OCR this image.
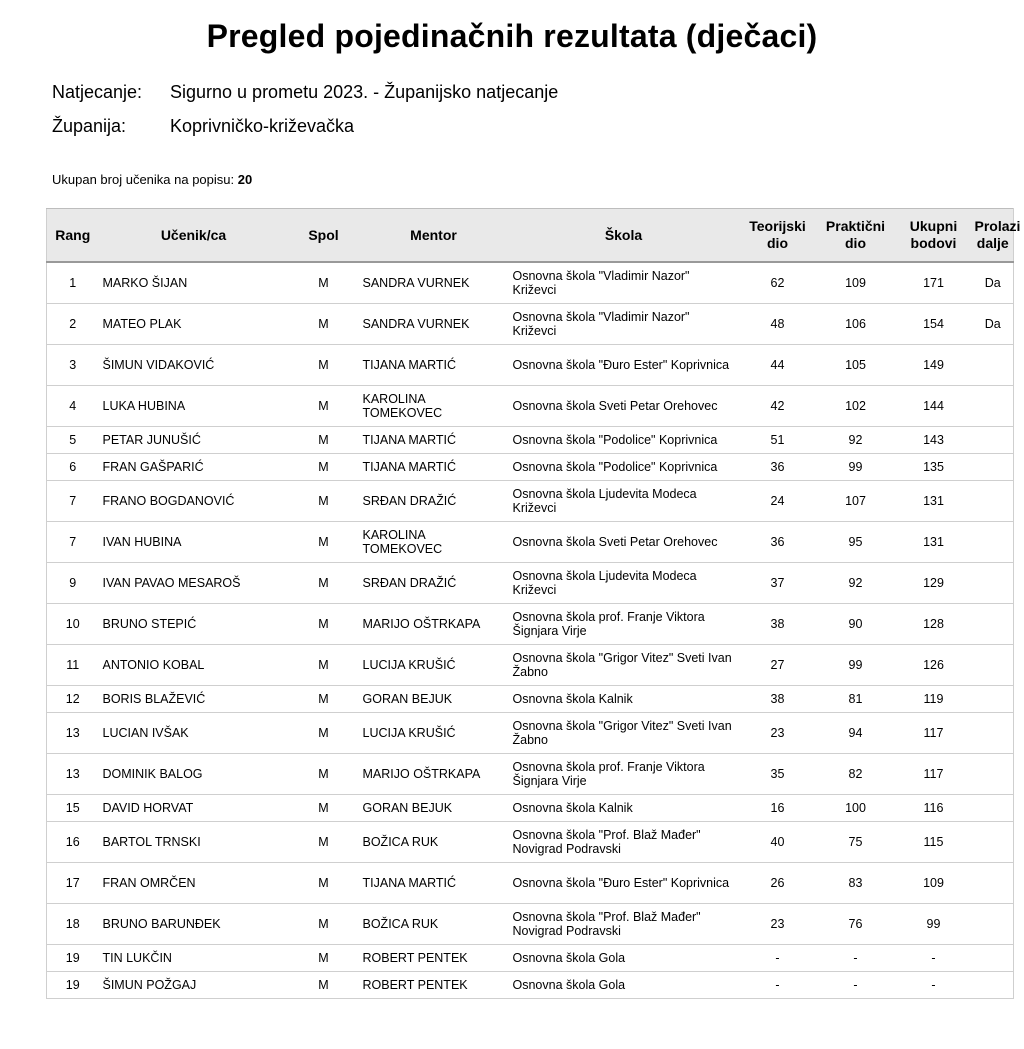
Pregled pojedinačnih rezultata (dječaci)
Natjecanje: Sigurno u prometu 2023. - Županijsko natjecanje
Županija: Koprivničko-križevačka
Ukupan broj učenika na popisu: 20
Rang	Učenik/ca	Spol	Mentor	Škola	Teorijski dio	Praktični dio	Ukupni bodovi	Prolazi dalje
1	MARKO ŠIJAN	M	SANDRA VURNEK	Osnovna škola "Vladimir Nazor" Križevci	62	109	171	Da
2	MATEO PLAK	M	SANDRA VURNEK	Osnovna škola "Vladimir Nazor" Križevci	48	106	154	Da
3	ŠIMUN VIDAKOVIĆ	M	TIJANA MARTIĆ	Osnovna škola "Đuro Ester" Koprivnica	44	105	149	
4	LUKA HUBINA	M	KAROLINA TOMEKOVEC	Osnovna škola Sveti Petar Orehovec	42	102	144	
5	PETAR JUNUŠIĆ	M	TIJANA MARTIĆ	Osnovna škola "Podolice" Koprivnica	51	92	143	
6	FRAN GAŠPARIĆ	M	TIJANA MARTIĆ	Osnovna škola "Podolice" Koprivnica	36	99	135	
7	FRANO BOGDANOVIĆ	M	SRĐAN DRAŽIĆ	Osnovna škola Ljudevita Modeca Križevci	24	107	131	
7	IVAN HUBINA	M	KAROLINA TOMEKOVEC	Osnovna škola Sveti Petar Orehovec	36	95	131	
9	IVAN PAVAO MESAROŠ	M	SRĐAN DRAŽIĆ	Osnovna škola Ljudevita Modeca Križevci	37	92	129	
10	BRUNO STEPIĆ	M	MARIJO OŠTRKAPA	Osnovna škola prof. Franje Viktora Šignjara Virje	38	90	128	
11	ANTONIO KOBAL	M	LUCIJA KRUŠIĆ	Osnovna škola "Grigor Vitez" Sveti Ivan Žabno	27	99	126	
12	BORIS BLAŽEVIĆ	M	GORAN BEJUK	Osnovna škola Kalnik	38	81	119	
13	LUCIAN IVŠAK	M	LUCIJA KRUŠIĆ	Osnovna škola "Grigor Vitez" Sveti Ivan Žabno	23	94	117	
13	DOMINIK BALOG	M	MARIJO OŠTRKAPA	Osnovna škola prof. Franje Viktora Šignjara Virje	35	82	117	
15	DAVID HORVAT	M	GORAN BEJUK	Osnovna škola Kalnik	16	100	116	
16	BARTOL TRNSKI	M	BOŽICA RUK	Osnovna škola "Prof. Blaž Mađer" Novigrad Podravski	40	75	115	
17	FRAN OMRČEN	M	TIJANA MARTIĆ	Osnovna škola "Đuro Ester" Koprivnica	26	83	109	
18	BRUNO BARUNĐEK	M	BOŽICA RUK	Osnovna škola "Prof. Blaž Mađer" Novigrad Podravski	23	76	99	
19	TIN LUKČIN	M	ROBERT PENTEK	Osnovna škola Gola	-	-	-	
19	ŠIMUN POŽGAJ	M	ROBERT PENTEK	Osnovna škola Gola	-	-	-	
